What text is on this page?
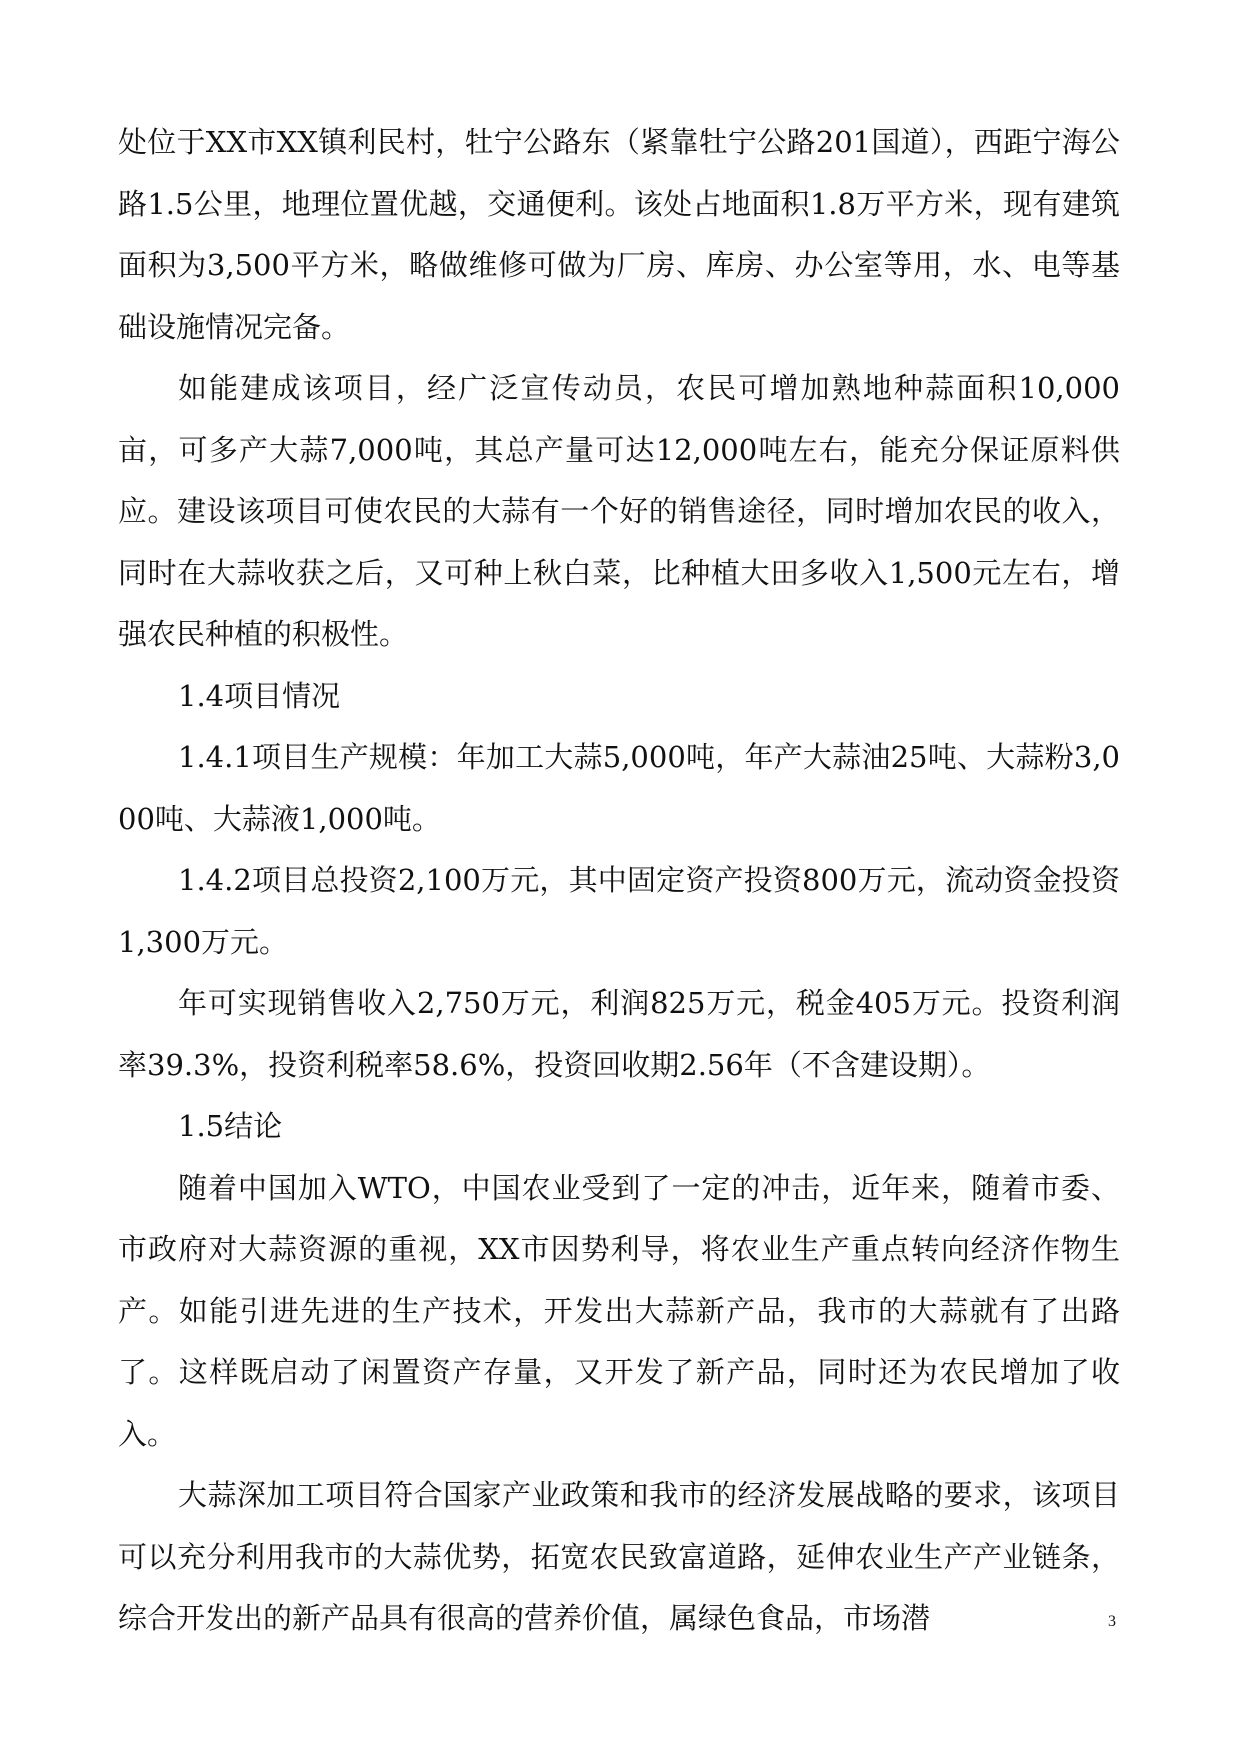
处位于XX市XX镇利民村，牡宁公路东（紧靠牡宁公路201国道），西距宁海公路1.5公里，地理位置优越，交通便利。该处占地面积1.8万平方米，现有建筑面积为3,500平方米，略做维修可做为厂房、库房、办公室等用，水、电等基础设施情况完备。

如能建成该项目，经广泛宣传动员，农民可增加熟地种蒜面积10,000亩，可多产大蒜7,000吨，其总产量可达12,000吨左右，能充分保证原料供应。建设该项目可使农民的大蒜有一个好的销售途径，同时增加农民的收入，同时在大蒜收获之后，又可种上秋白菜，比种植大田多收入1,500元左右，增强农民种植的积极性。

1.4项目情况

1.4.1项目生产规模：年加工大蒜5,000吨，年产大蒜油25吨、大蒜粉3,000吨、大蒜液1,000吨。

1.4.2项目总投资2,100万元，其中固定资产投资800万元，流动资金投资1,300万元。

年可实现销售收入2,750万元，利润825万元，税金405万元。投资利润率39.3%，投资利税率58.6%，投资回收期2.56年（不含建设期）。

1.5结论

随着中国加入WTO，中国农业受到了一定的冲击，近年来，随着市委、市政府对大蒜资源的重视，XX市因势利导，将农业生产重点转向经济作物生产。如能引进先进的生产技术，开发出大蒜新产品，我市的大蒜就有了出路了。这样既启动了闲置资产存量，又开发了新产品，同时还为农民增加了收入。

大蒜深加工项目符合国家产业政策和我市的经济发展战略的要求，该项目可以充分利用我市的大蒜优势，拓宽农民致富道路，延伸农业生产产业链条，综合开发出的新产品具有很高的营养价值，属绿色食品，市场潜	3
